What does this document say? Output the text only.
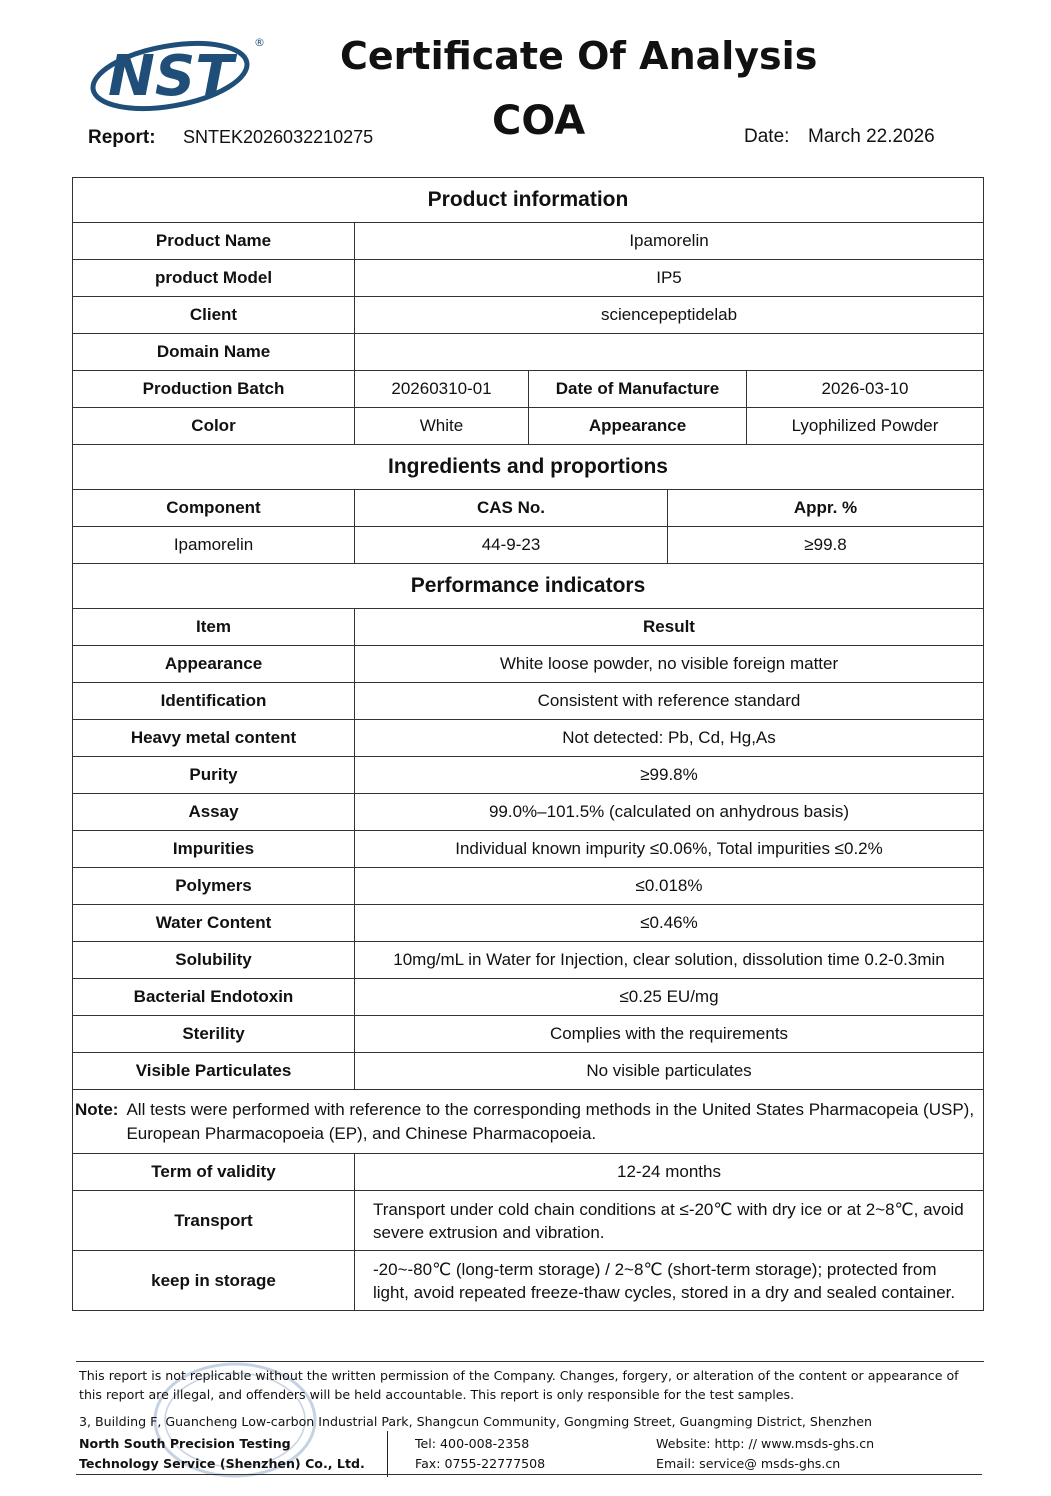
NST
® Certificate Of Analysis
COA
Report: SNTEK2026032210275	Date: March 22.2026
Product information				
Product Name	Ipamorelin			
product Model	IP5			
Client	sciencepeptidelab			
Domain Name				
Production Batch	20260310-01	Date of Manufacture		2026-03-10
Color	White	Appearance		Lyophilized Powder
Ingredients and proportions				
Component	CAS No.		Appr. %	
Ipamorelin	44-9-23		≥99.8	
Performance indicators				
Item	Result			
Appearance	White loose powder, no visible foreign matter			
Identification	Consistent with reference standard			
Heavy metal content	Not detected: Pb, Cd, Hg,As			
Purity	≥99.8%			
Assay	99.0%–101.5% (calculated on anhydrous basis)			
Impurities	Individual known impurity ≤0.06%, Total impurities ≤0.2%			
Polymers	≤0.018%			
Water Content	≤0.46%			
Solubility	10mg/mL in Water for Injection, clear solution, dissolution time 0.2-0.3min			
Bacterial Endotoxin	≤0.25 EU/mg			
Sterility	Complies with the requirements			
Visible Particulates	No visible particulates			

Note: All tests were performed with reference to the corresponding methods in the United States Pharmacopeia (USP), European Pharmacopoeia (EP), and Chinese Pharmacopoeia.				

Term of validity	12-24 months			
Transport	Transport under cold chain conditions at ≤-20℃ with dry ice or at 2~8℃, avoid severe extrusion and vibration.			
keep in storage	-20~-80℃ (long-term storage) / 2~8℃ (short-term storage); protected from light, avoid repeated freeze-thaw cycles, stored in a dry and sealed container.			
This report is not replicable without the written permission of the Company. Changes, forgery, or alteration of the content or appearance of this report are illegal, and offenders will be held accountable. This report is only responsible for the test samples.
3, Building F, Guancheng Low-carbon Industrial Park, Shangcun Community, Gongming Street, Guangming District, Shenzhen
North South Precision Testing
Technology Service (Shenzhen) Co., Ltd.
Tel: 400-008-2358
Fax: 0755-22777508
Website: http: // www.msds-ghs.cn
Email: service@ msds-ghs.cn
